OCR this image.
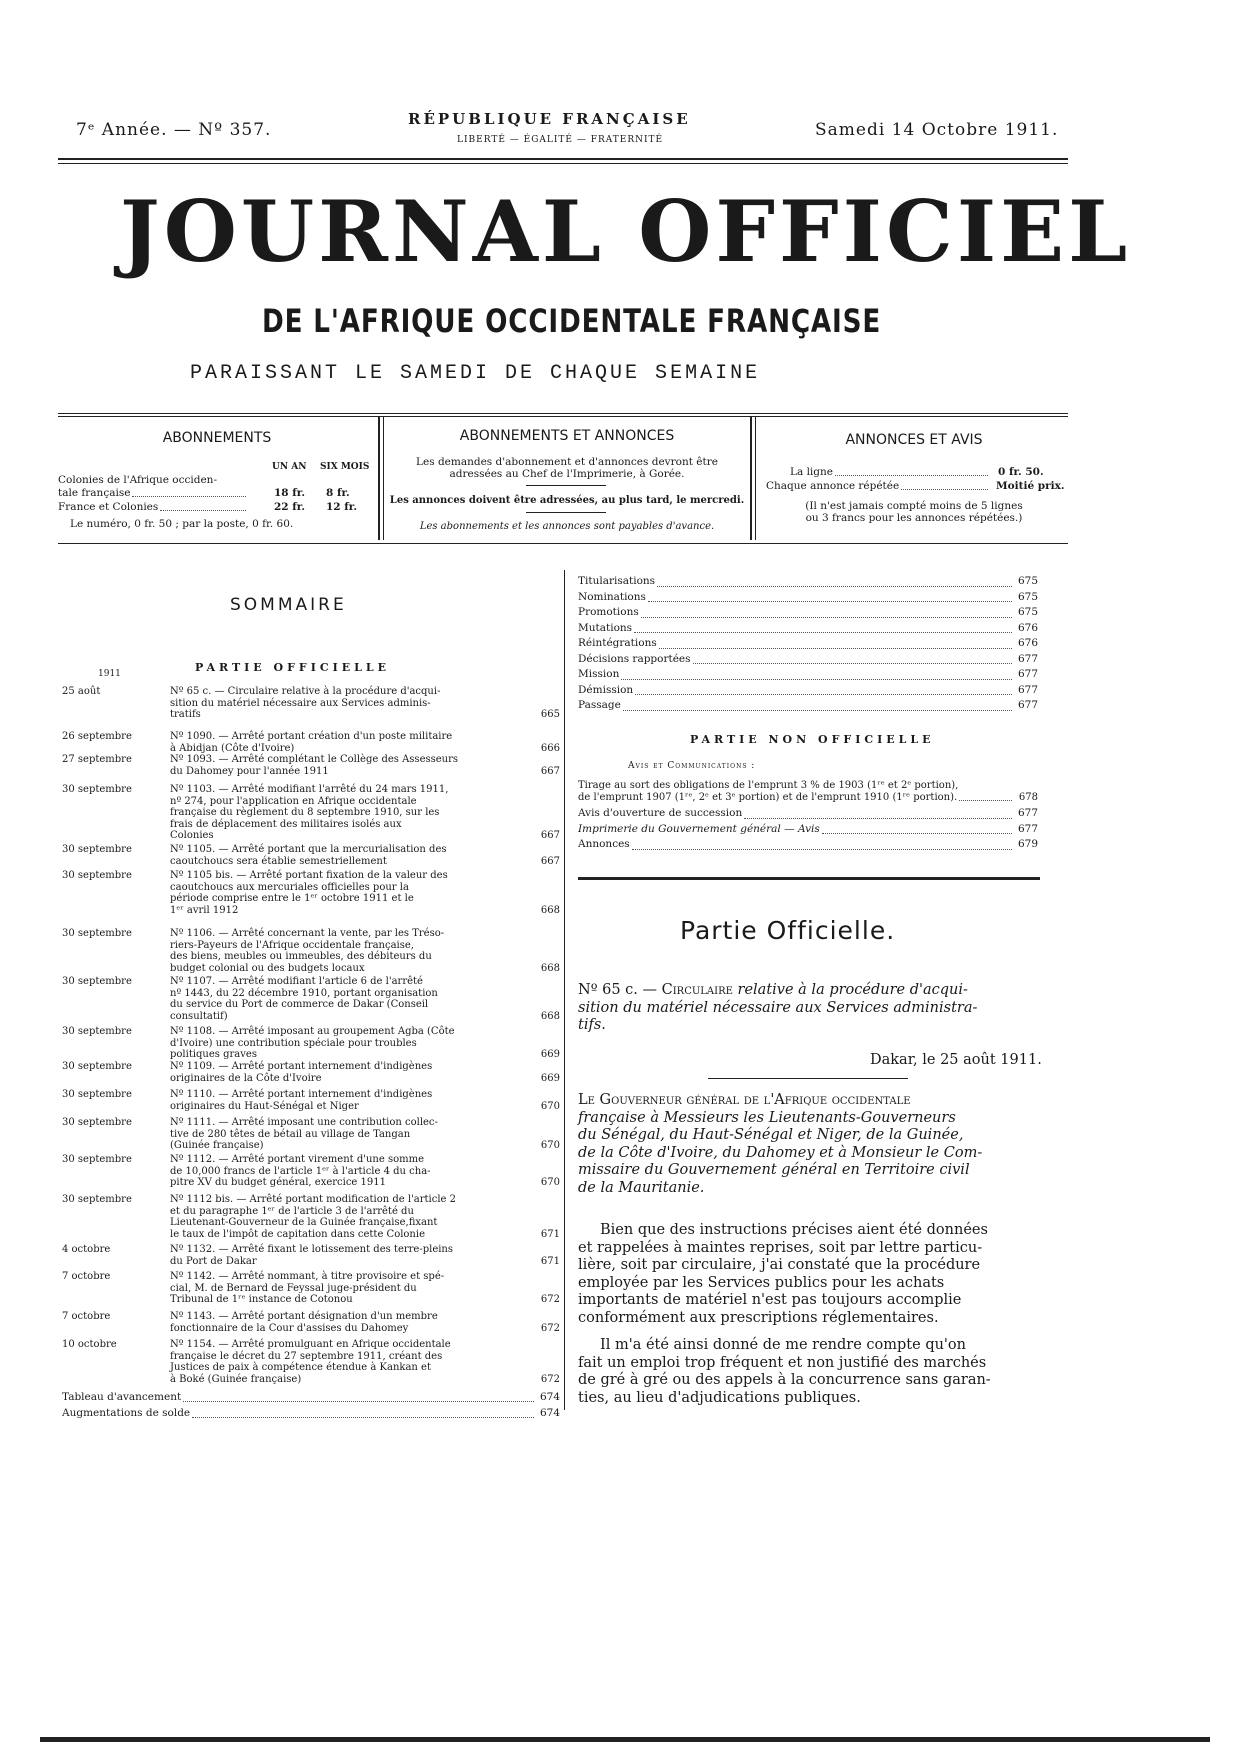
7ᵉ Année. — Nº 357.
RÉPUBLIQUE FRANÇAISE
LIBERTÉ — ÉGALITÉ — FRATERNITÉ	Samedi 14 Octobre 1911.
JOURNAL OFFICIEL
DE L'AFRIQUE OCCIDENTALE FRANÇAISE
PARAISSANT LE SAMEDI DE CHAQUE SEMAINE
ABONNEMENTS
UN AN SIX MOIS
Colonies de l'Afrique occiden-
tale française	18 fr. 8 fr.
France et Colonies	22 fr. 12 fr.
Le numéro, 0 fr. 50 ; par la poste, 0 fr. 60.
ABONNEMENTS ET ANNONCES
Les demandes d'abonnement et d'annonces devront être
adressées au Chef de l'Imprimerie, à Gorée.
Les annonces doivent être adressées, au plus tard, le mercredi.
Les abonnements et les annonces sont payables d'avance.
ANNONCES ET AVIS
La ligne	0 fr. 50.
Chaque annonce répétée	Moitié prix.
(Il n'est jamais compté moins de 5 lignes
ou 3 francs pour les annonces répétées.)
SOMMAIRE
PARTIE OFFICIELLE
1911
25 août	Nº 65 c. — Circulaire relative à la procédure d'acqui-
sition du matériel nécessaire aux Services adminis-
tratifs	665
26 septembre	Nº 1090. — Arrêté portant création d'un poste militaire
à Abidjan (Côte d'Ivoire)	666
27 septembre	Nº 1093. — Arrêté complétant le Collège des Assesseurs
du Dahomey pour l'année 1911	667
30 septembre	Nº 1103. — Arrêté modifiant l'arrêté du 24 mars 1911,
nº 274, pour l'application en Afrique occidentale
française du règlement du 8 septembre 1910, sur les
frais de déplacement des militaires isolés aux
Colonies	667
30 septembre	Nº 1105. — Arrêté portant que la mercurialisation des
caoutchoucs sera établie semestriellement	667
30 septembre	Nº 1105 bis. — Arrêté portant fixation de la valeur des
caoutchoucs aux mercuriales officielles pour la
période comprise entre le 1ᵉʳ octobre 1911 et le
1ᵉʳ avril 1912	668
30 septembre	Nº 1106. — Arrêté concernant la vente, par les Tréso-
riers-Payeurs de l'Afrique occidentale française,
des biens, meubles ou immeubles, des débiteurs du
budget colonial ou des budgets locaux	668
30 septembre	Nº 1107. — Arrêté modifiant l'article 6 de l'arrêté
nº 1443, du 22 décembre 1910, portant organisation
du service du Port de commerce de Dakar (Conseil
consultatif)	668
30 septembre	Nº 1108. — Arrêté imposant au groupement Agba (Côte
d'Ivoire) une contribution spéciale pour troubles
politiques graves	669
30 septembre	Nº 1109. — Arrêté portant internement d'indigènes
originaires de la Côte d'Ivoire	669
30 septembre	Nº 1110. — Arrêté portant internement d'indigènes
originaires du Haut-Sénégal et Niger	670
30 septembre	Nº 1111. — Arrêté imposant une contribution collec-
tive de 280 têtes de bétail au village de Tangan
(Guinée française)	670
30 septembre	Nº 1112. — Arrêté portant virement d'une somme
de 10,000 francs de l'article 1ᵉʳ à l'article 4 du cha-
pitre XV du budget général, exercice 1911	670
30 septembre	Nº 1112 bis. — Arrêté portant modification de l'article 2
et du paragraphe 1ᵉʳ de l'article 3 de l'arrêté du
Lieutenant-Gouverneur de la Guinée française,fixant
le taux de l'impôt de capitation dans cette Colonie	671
4 octobre	Nº 1132. — Arrêté fixant le lotissement des terre-pleins
du Port de Dakar	671
7 octobre	Nº 1142. — Arrêté nommant, à titre provisoire et spé-
cial, M. de Bernard de Feyssal juge-président du
Tribunal de 1ʳᵉ instance de Cotonou	672
7 octobre	Nº 1143. — Arrêté portant désignation d'un membre
fonctionnaire de la Cour d'assises du Dahomey	672
10 octobre	Nº 1154. — Arrêté promulguant en Afrique occidentale
française le décret du 27 septembre 1911, créant des
Justices de paix à compétence étendue à Kankan et
à Boké (Guinée française)	672
Tableau d'avancement	674
Augmentations de solde	674
Titularisations	675
Nominations	675
Promotions	675
Mutations	676
Réintégrations	676
Décisions rapportées	677
Mission	677
Démission	677
Passage	677
PARTIE NON OFFICIELLE
Avis et Communications :
Tirage au sort des obligations de l'emprunt 3 % de 1903 (1ʳᵉ et 2ᵉ portion),
de l'emprunt 1907 (1ʳᵉ, 2ᵉ et 3ᵉ portion) et de l'emprunt 1910 (1ʳᵉ portion).	678
Avis d'ouverture de succession	677
Imprimerie du Gouvernement général — Avis	677
Annonces	679
Partie Officielle.
Nº 65 c. — Circulaire relative à la procédure d'acqui-
sition du matériel nécessaire aux Services administra-
tifs.
Dakar, le 25 août 1911.
Le Gouverneur général de l'Afrique occidentale
française à Messieurs les Lieutenants-Gouverneurs
du Sénégal, du Haut-Sénégal et Niger, de la Guinée,
de la Côte d'Ivoire, du Dahomey et à Monsieur le Com-
missaire du Gouvernement général en Territoire civil
de la Mauritanie.
Bien que des instructions précises aient été données
et rappelées à maintes reprises, soit par lettre particu-
lière, soit par circulaire, j'ai constaté que la procédure
employée par les Services publics pour les achats
importants de matériel n'est pas toujours accomplie
conformément aux prescriptions réglementaires.
Il m'a été ainsi donné de me rendre compte qu'on
fait un emploi trop fréquent et non justifié des marchés
de gré à gré ou des appels à la concurrence sans garan-
ties, au lieu d'adjudications publiques.
